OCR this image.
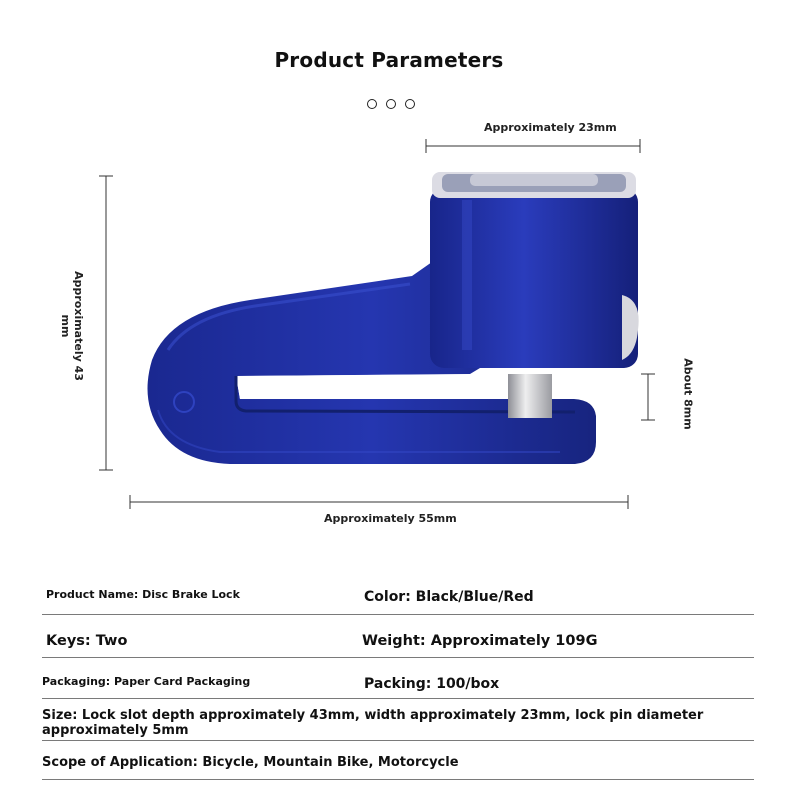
Product Parameters
Approximately 23mm
Approximately 43
mm
About 8mm
Approximately 55mm
Product Name: Disc Brake Lock	Color: Black/Blue/Red
Keys: Two	Weight: Approximately 109G
Packaging: Paper Card Packaging	Packing: 100/box
Size: Lock slot depth approximately 43mm, width approximately 23mm, lock pin diameter approximately 5mm
Scope of Application: Bicycle, Mountain Bike, Motorcycle
